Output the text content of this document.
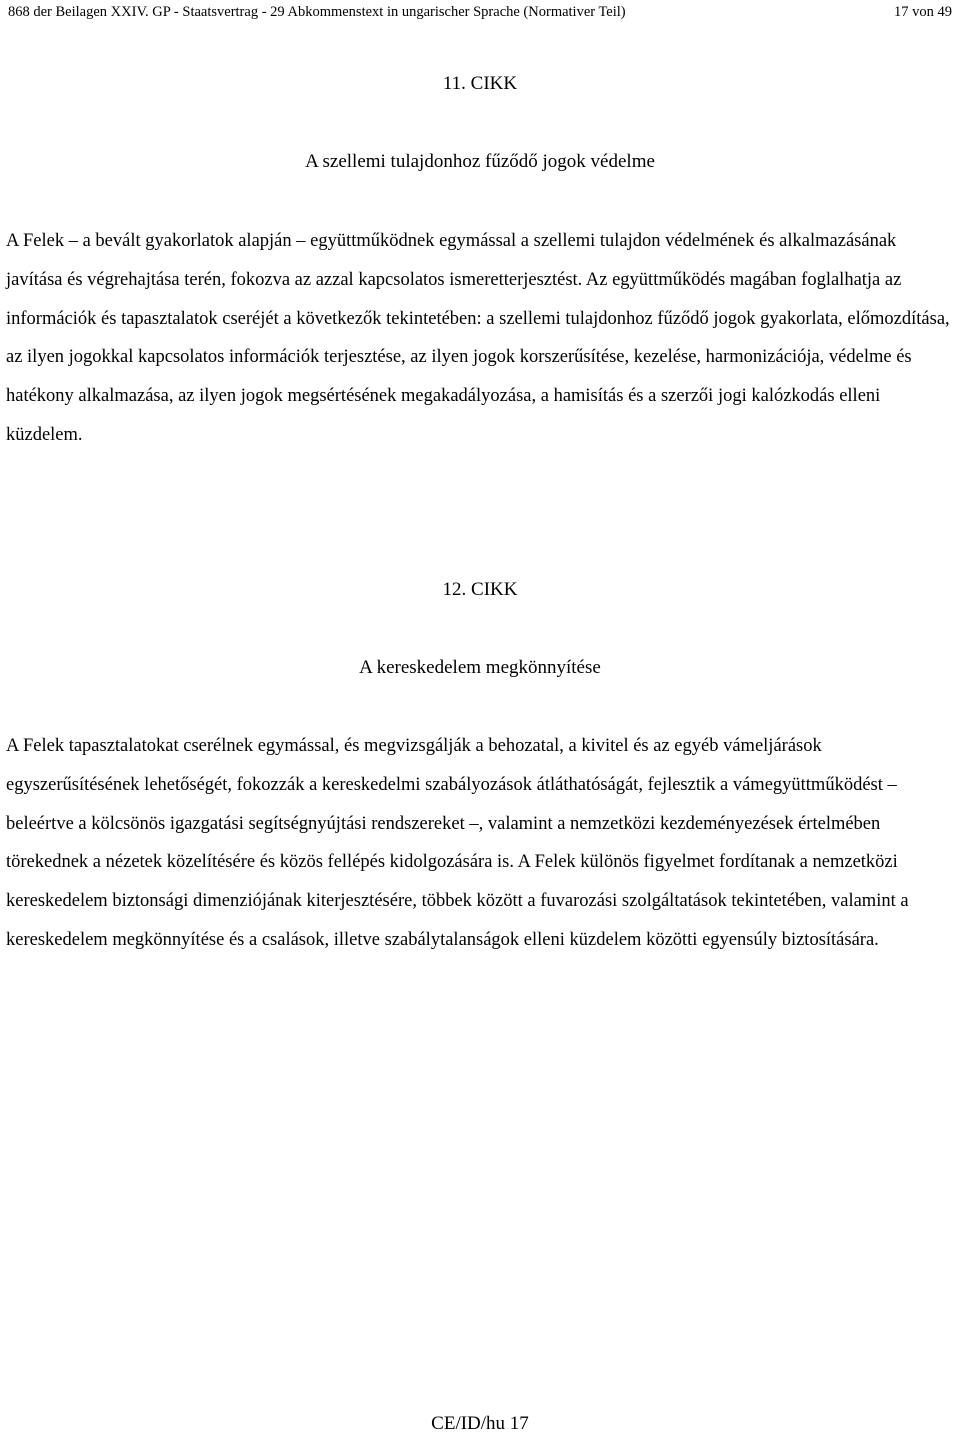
868 der Beilagen XXIV. GP - Staatsvertrag - 29 Abkommenstext in ungarischer Sprache (Normativer Teil)	17 von 49
11. CIKK
A szellemi tulajdonhoz fűződő jogok védelme

A Felek – a bevált gyakorlatok alapján – együttműködnek egymással a szellemi tulajdon védelmének és alkalmazásának javítása és végrehajtása terén, fokozva az azzal kapcsolatos ismeretterjesztést. Az együttműködés magában foglalhatja az információk és tapasztalatok cseréjét a következők tekintetében: a szellemi tulajdonhoz fűződő jogok gyakorlata, előmozdítása, az ilyen jogokkal kapcsolatos információk terjesztése, az ilyen jogok korszerűsítése, kezelése, harmonizációja, védelme és hatékony alkalmazása, az ilyen jogok megsértésének megakadályozása, a hamisítás és a szerzői jogi kalózkodás elleni küzdelem.

12. CIKK
A kereskedelem megkönnyítése

A Felek tapasztalatokat cserélnek egymással, és megvizsgálják a behozatal, a kivitel és az egyéb vámeljárások egyszerűsítésének lehetőségét, fokozzák a kereskedelmi szabályozások átláthatóságát, fejlesztik a vámegyüttműködést – beleértve a kölcsönös igazgatási segítségnyújtási rendszereket –, valamint a nemzetközi kezdeményezések értelmében törekednek a nézetek közelítésére és közös fellépés kidolgozására is. A Felek különös figyelmet fordítanak a nemzetközi kereskedelem biztonsági dimenziójának kiterjesztésére, többek között a fuvarozási szolgáltatások tekintetében, valamint a kereskedelem megkönnyítése és a csalások, illetve szabálytalanságok elleni küzdelem közötti egyensúly biztosítására.

CE/ID/hu 17
